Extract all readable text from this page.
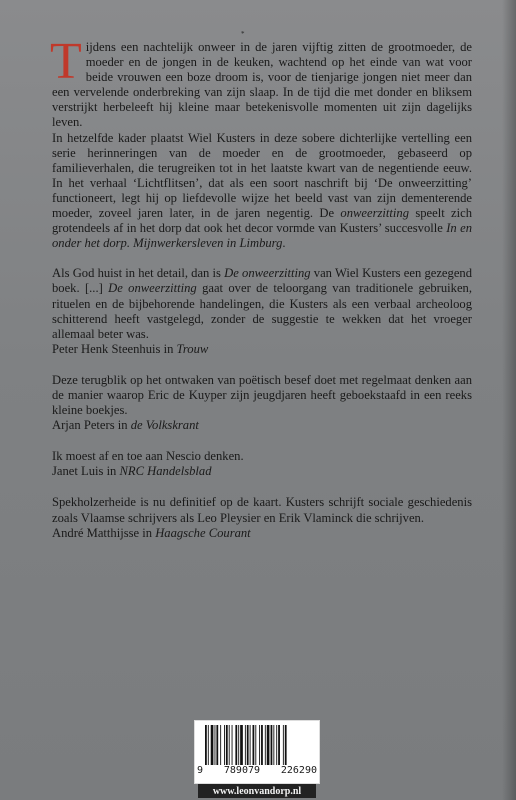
*

Tijdens een nachtelijk onweer in de jaren vijftig zitten de grootmoeder, de moeder en de jongen in de keuken, wachtend op het einde van wat voor beide vrouwen een boze droom is, voor de tienjarige jongen niet meer dan een vervelende onderbreking van zijn slaap. In de tijd die met donder en bliksem verstrijkt herbeleeft hij kleine maar betekenisvolle momenten uit zijn dagelijks leven.

In hetzelfde kader plaatst Wiel Kusters in deze sobere dichterlijke vertelling een serie herinneringen van de moeder en de grootmoeder, gebaseerd op familieverhalen, die terugreiken tot in het laatste kwart van de negentiende eeuw. In het verhaal ‘Lichtflitsen’, dat als een soort naschrift bij ‘De onweerzitting’ functioneert, legt hij op liefdevolle wijze het beeld vast van zijn dementerende moeder, zoveel jaren later, in de jaren negentig. De onweerzitting speelt zich grotendeels af in het dorp dat ook het decor vormde van Kusters’ succesvolle In en onder het dorp. Mijnwerkersleven in Limburg.

Als God huist in het detail, dan is De onweerzitting van Wiel Kusters een gezegend boek. [...] De onweerzitting gaat over de teloorgang van traditionele gebruiken, rituelen en de bijbehorende handelingen, die Kusters als een verbaal archeoloog schitterend heeft vastgelegd, zonder de suggestie te wekken dat het vroeger allemaal beter was.

Peter Henk Steenhuis in Trouw

Deze terugblik op het ontwaken van poëtisch besef doet met regelmaat denken aan de manier waarop Eric de Kuyper zijn jeugdjaren heeft geboekstaafd in een reeks kleine boekjes.

Arjan Peters in de Volkskrant

Ik moest af en toe aan Nescio denken.

Janet Luis in NRC Handelsblad

Spekholzerheide is nu definitief op de kaart. Kusters schrijft sociale geschiedenis zoals Vlaamse schrijvers als Leo Pleysier en Erik Vlaminck die schrijven.

André Matthijsse in Haagsche Courant

9 789079 226290
www.leonvandorp.nl
